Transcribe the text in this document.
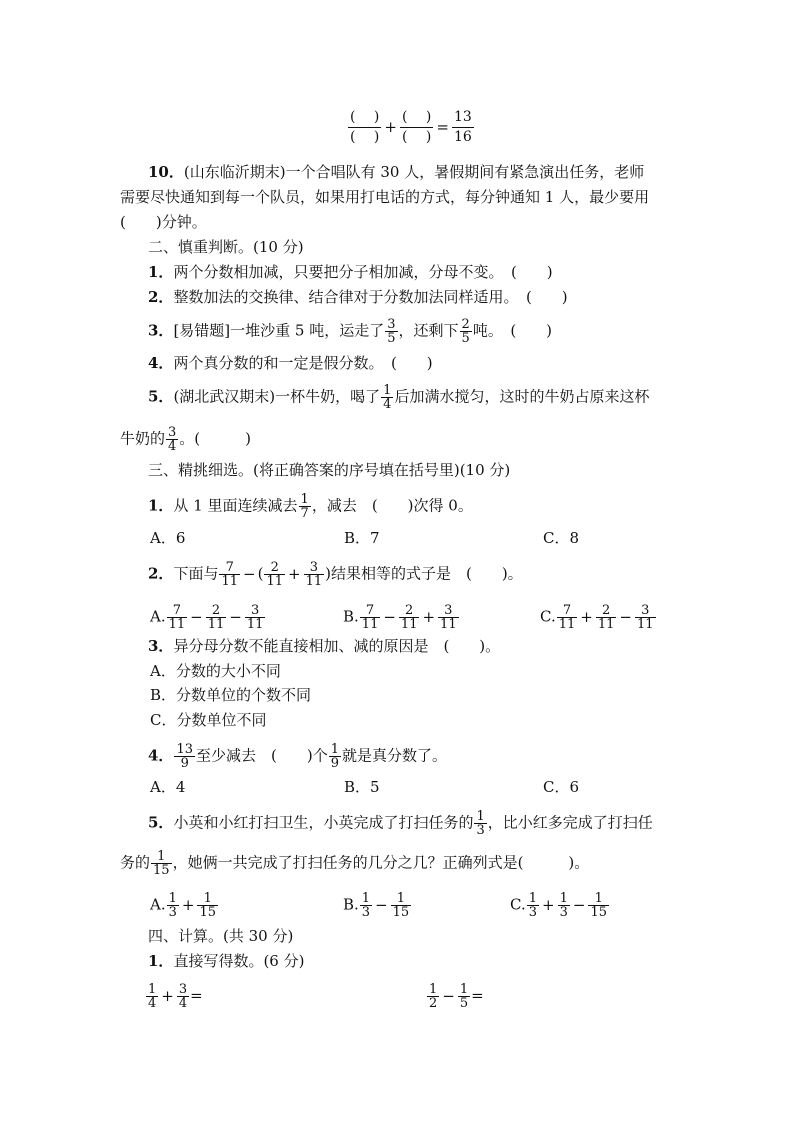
$\frac{( )}{( )} + \frac{( )}{( )} = \frac{13}{16}$
10．(山东临沂期末)一个合唱队有 30 人，暑假期间有紧急演出任务，老师
需要尽快通知到每一个队员，如果用打电话的方式，每分钟通知 1 人，最少要用
(　　)分钟。
二、慎重判断。(10 分)
1．两个分数相加减，只要把分子相加减，分母不变。　(　　)
2．整数加法的交换律、结合律对于分数加法同样适用。　(　　)
3．[易错题]一堆沙重 5 吨，运走了 $\frac{3}{5}$ ，还剩下 $\frac{2}{5}$ 吨。　(　　)
4．两个真分数的和一定是假分数。　(　　)
5．(湖北武汉期末)一杯牛奶，喝了 $\frac{1}{4}$ 后加满水搅匀，这时的牛奶占原来这杯
牛奶的 $\frac{3}{4}$ 。(　　　)
三、精挑细选。(将正确答案的序号填在括号里)(10 分)
1．从 1 里面连续减去 $\frac{1}{7}$ ，减去　(　　)次得 0。
A．6	B．7	C．8
2．下面与 $\frac{7}{11}$ − ( $\frac{2}{11} + \frac{3}{11}$ )结果相等的式子是　(　　)。
A. $\frac{7}{11} - \frac{2}{11} - \frac{3}{11}$	B. $\frac{7}{11} - \frac{2}{11} + \frac{3}{11}$	C. $\frac{7}{11} + \frac{2}{11} - \frac{3}{11}$
3．异分母分数不能直接相加、减的原因是　(　　)。
A．分数的大小不同
B．分数单位的个数不同
C．分数单位不同
4． $\frac{13}{9}$ 至少减去　(　　)个 $\frac{1}{9}$ 就是真分数了。
A．4	B．5	C．6
5．小英和小红打扫卫生，小英完成了打扫任务的 $\frac{1}{3}$ ，比小红多完成了打扫任
务的 $\frac{1}{15}$ ，她俩一共完成了打扫任务的几分之几？正确列式是(　　　)。
A. $\frac{1}{3} + \frac{1}{15}$	B. $\frac{1}{3} - \frac{1}{15}$	C. $\frac{1}{3} + \frac{1}{3} - \frac{1}{15}$
四、计算。(共 30 分)
1．直接写得数。(6 分)
$\frac{1}{4} + \frac{3}{4}$ =	$\frac{1}{2} - \frac{1}{5}$ =
